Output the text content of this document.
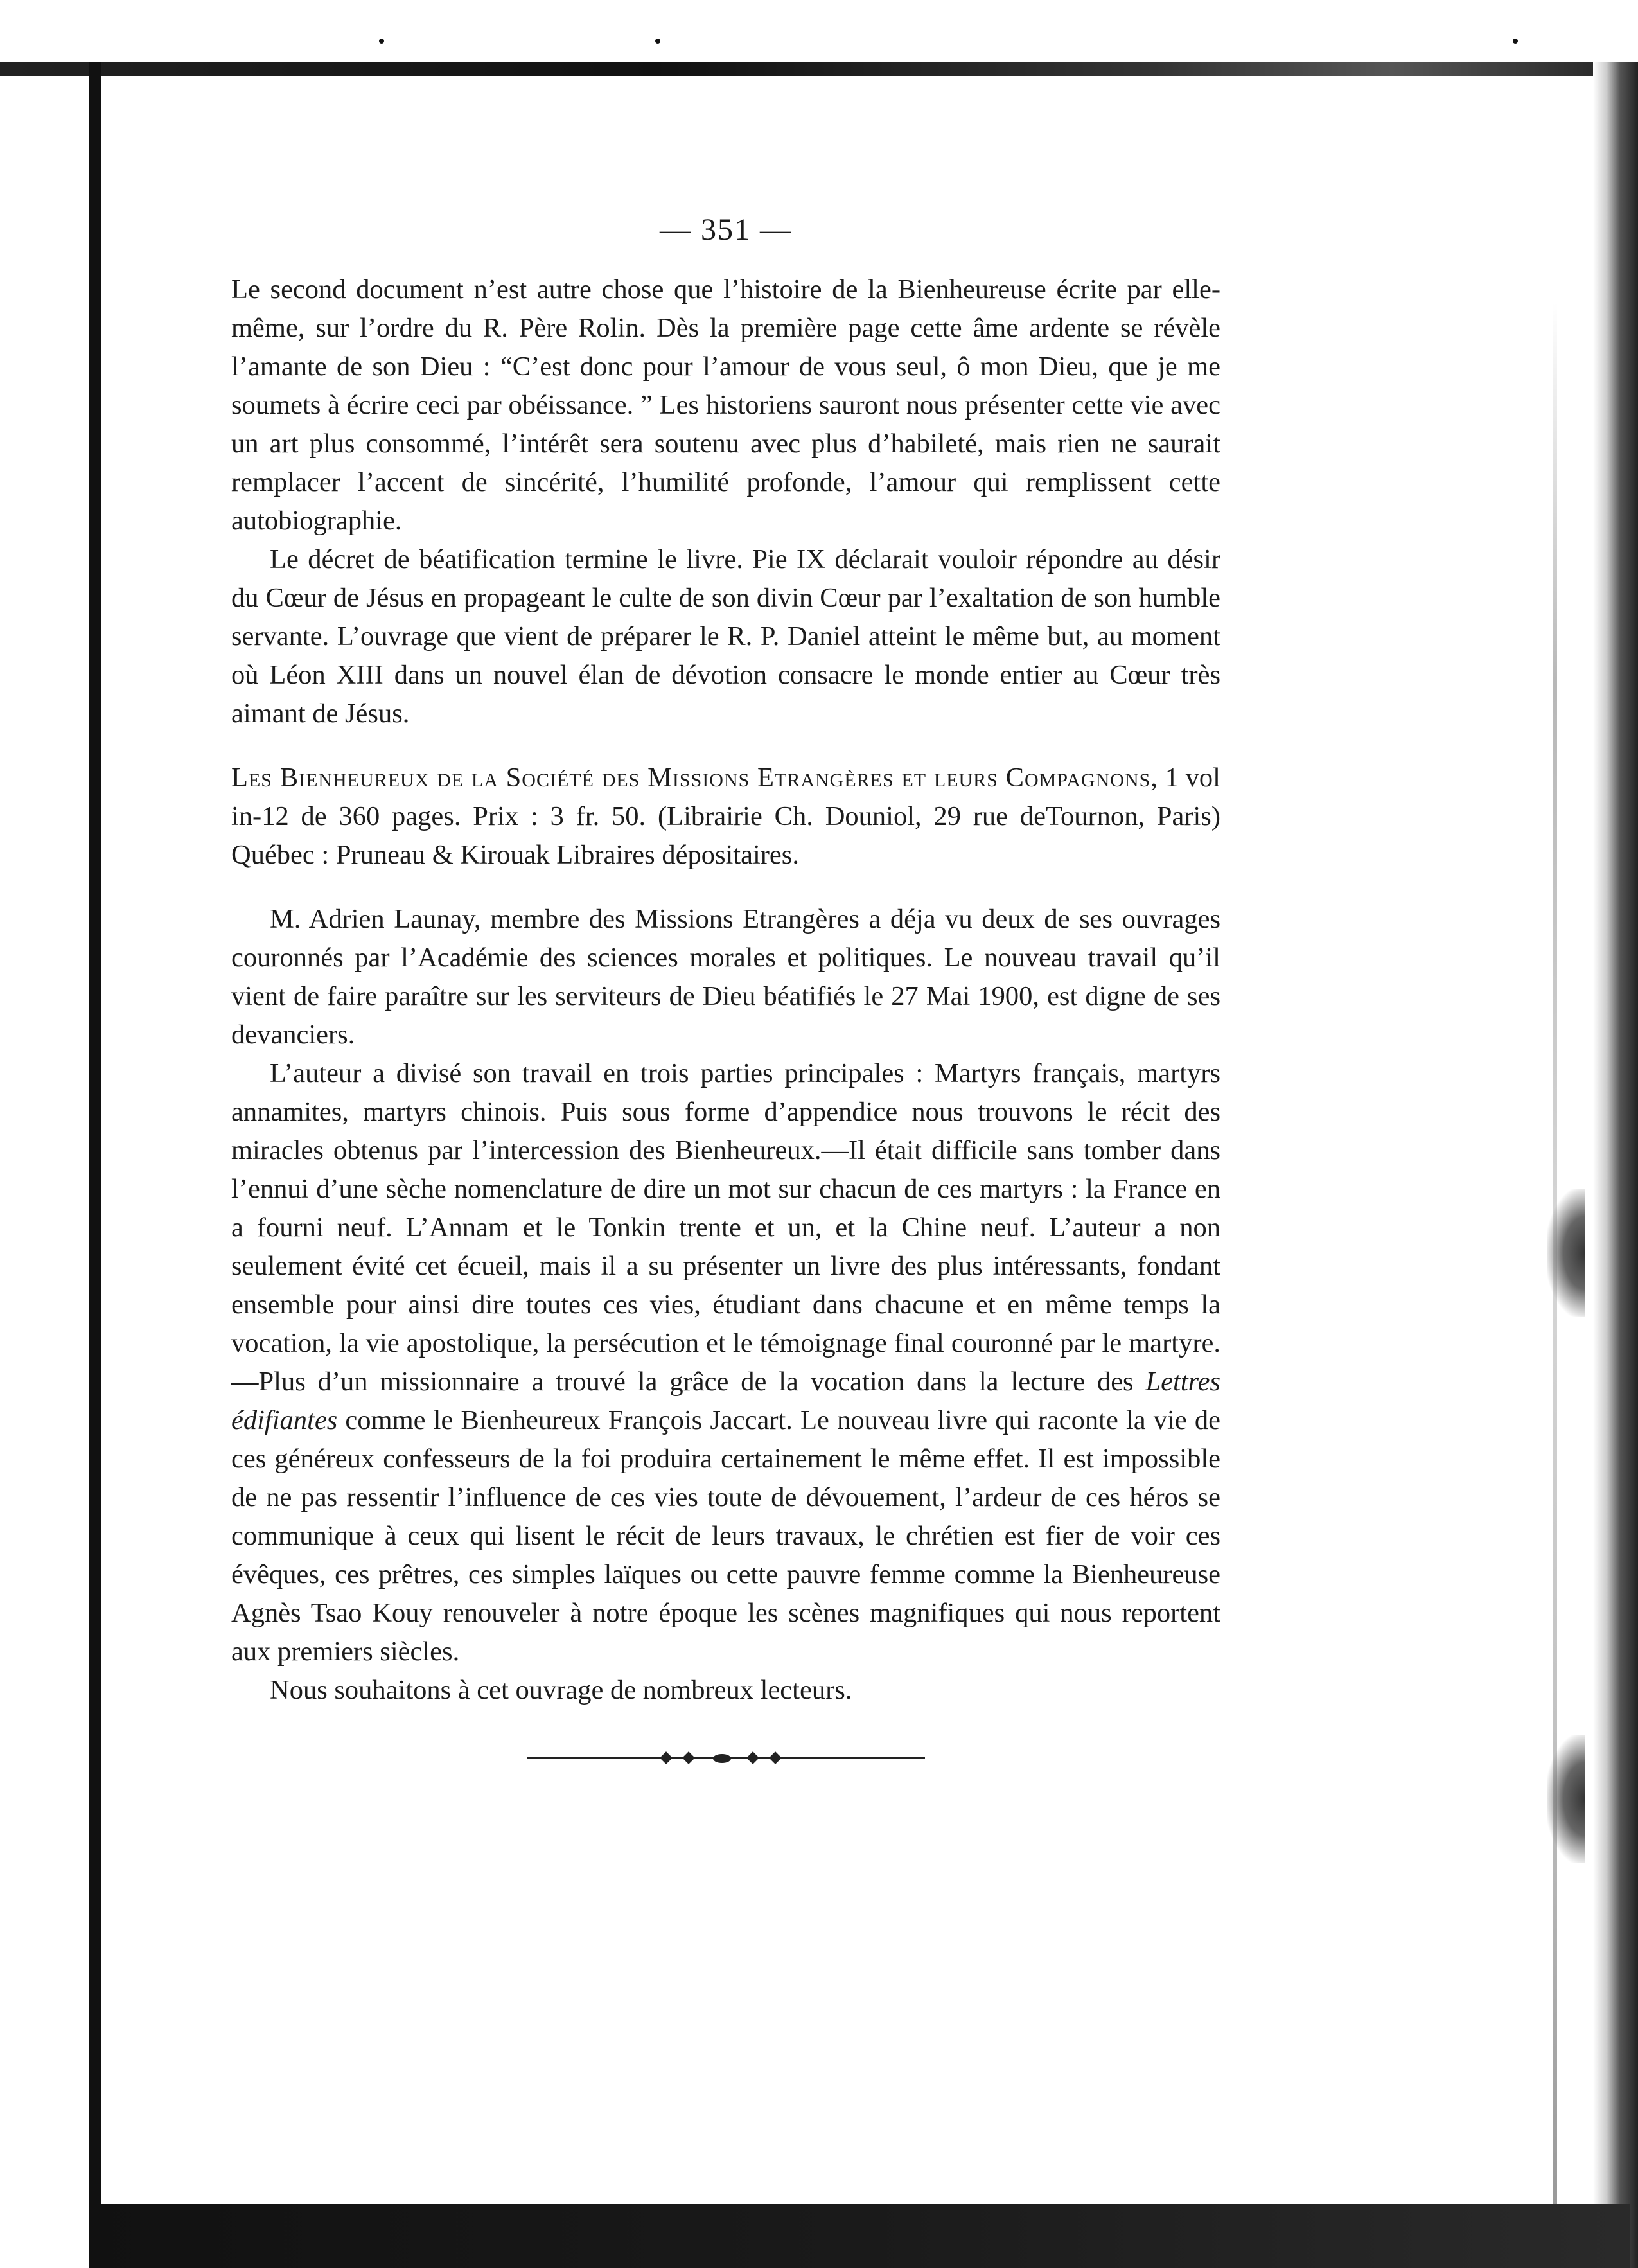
— 351 —

Le second document n’est autre chose que l’histoire de la Bienheureuse écrite par elle-même, sur l’ordre du R. Père Rolin. Dès la première page cette âme ardente se révèle l’amante de son Dieu : “C’est donc pour l’amour de vous seul, ô mon Dieu, que je me soumets à écrire ceci par obéissance. ” Les historiens sauront nous présenter cette vie avec un art plus consommé, l’intérêt sera soutenu avec plus d’habileté, mais rien ne saurait remplacer l’accent de sincérité, l’humilité profonde, l’amour qui remplissent cette autobiographie.

Le décret de béatification termine le livre. Pie IX déclarait vouloir répondre au désir du Cœur de Jésus en propageant le culte de son divin Cœur par l’exaltation de son humble servante. L’ouvrage que vient de préparer le R. P. Daniel atteint le même but, au moment où Léon XIII dans un nouvel élan de dévotion consacre le monde entier au Cœur très aimant de Jésus.

Les Bienheureux de la Société des Missions Etrangères et leurs Compagnons, 1 vol in-12 de 360 pages. Prix : 3 fr. 50. (Librairie Ch. Douniol, 29 rue deTournon, Paris) Québec : Pruneau & Kirouak Libraires dépositaires.

M. Adrien Launay, membre des Missions Etrangères a déja vu deux de ses ouvrages couronnés par l’Académie des sciences morales et politiques. Le nouveau travail qu’il vient de faire paraître sur les serviteurs de Dieu béatifiés le 27 Mai 1900, est digne de ses devanciers.

L’auteur a divisé son travail en trois parties principales : Martyrs français, martyrs annamites, martyrs chinois. Puis sous forme d’appendice nous trouvons le récit des miracles obtenus par l’intercession des Bienheureux.—Il était difficile sans tomber dans l’ennui d’une sèche nomenclature de dire un mot sur chacun de ces martyrs : la France en a fourni neuf. L’Annam et le Tonkin trente et un, et la Chine neuf. L’auteur a non seulement évité cet écueil, mais il a su présenter un livre des plus intéressants, fondant ensemble pour ainsi dire toutes ces vies, étudiant dans chacune et en même temps la vocation, la vie apostolique, la persécution et le témoignage final couronné par le martyre.—Plus d’un missionnaire a trouvé la grâce de la vocation dans la lecture des Lettres édifiantes comme le Bienheureux François Jaccart. Le nouveau livre qui raconte la vie de ces généreux confesseurs de la foi produira certainement le même effet. Il est impossible de ne pas ressentir l’influence de ces vies toute de dévouement, l’ardeur de ces héros se communique à ceux qui lisent le récit de leurs travaux, le chrétien est fier de voir ces évêques, ces prêtres, ces simples laïques ou cette pauvre femme comme la Bienheureuse Agnès Tsao Kouy renouveler à notre époque les scènes magnifiques qui nous reportent aux premiers siècles.

Nous souhaitons à cet ouvrage de nombreux lecteurs.
